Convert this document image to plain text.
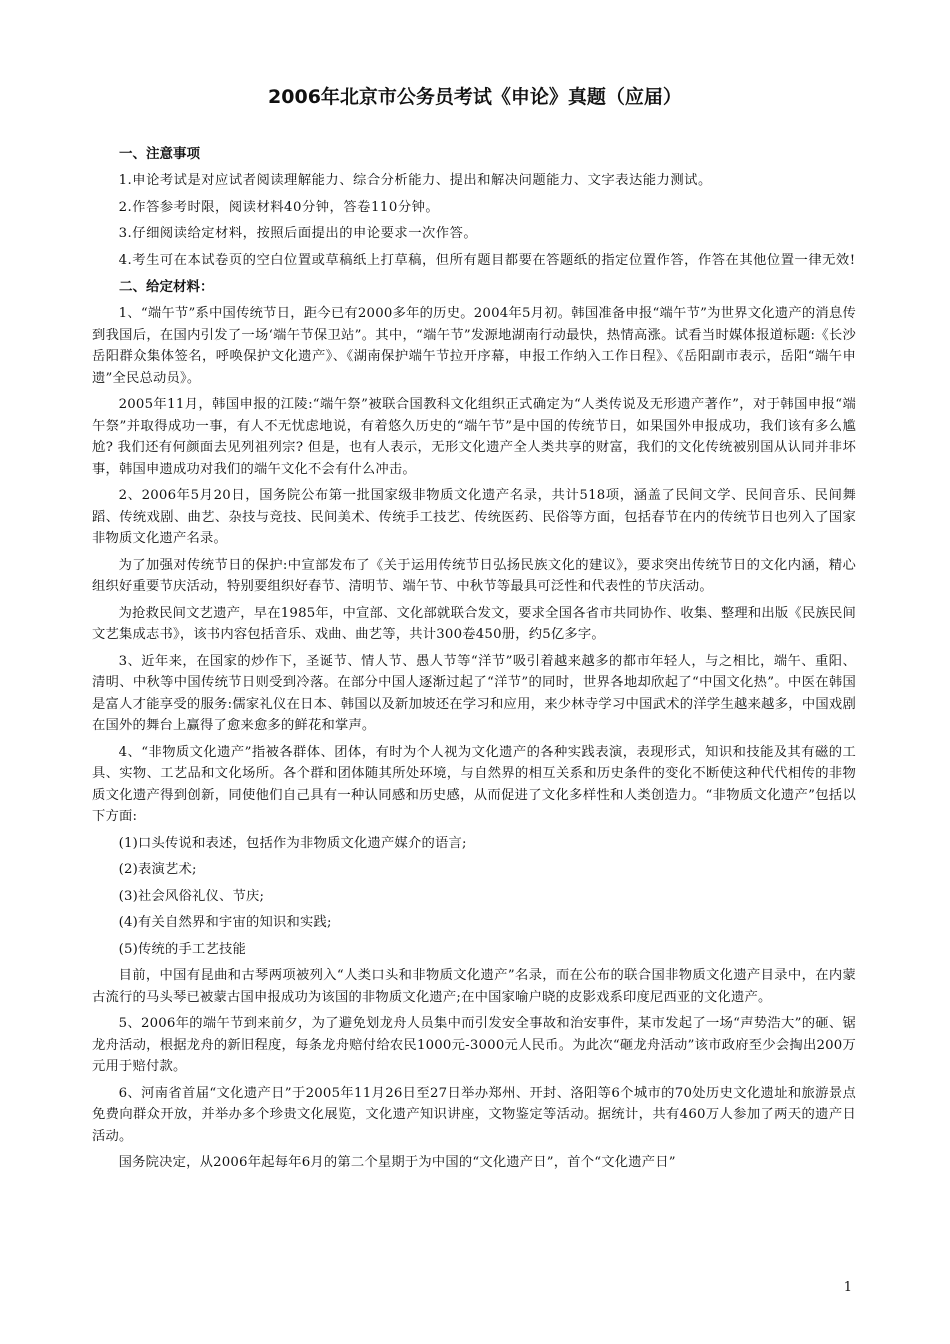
2006年北京市公务员考试《申论》真题（应届）
一、注意事项

1.申论考试是对应试者阅读理解能力、综合分析能力、提出和解决问题能力、文字表达能力测试。

2.作答参考时限，阅读材料40分钟，答卷110分钟。

3.仔细阅读给定材料，按照后面提出的申论要求一次作答。

4.考生可在本试卷页的空白位置或草稿纸上打草稿，但所有题目都要在答题纸的指定位置作答，作答在其他位置一律无效!

二、给定材料：

1、“端午节”系中国传统节日，距今已有2000多年的历史。2004年5月初。韩国准备申报“端午节”为世界文化遗产的消息传到我国后，在国内引发了一场‘端午节保卫站”。其中，“端午节”发源地湖南行动最快，热情高涨。试看当时媒体报道标题:《长沙岳阳群众集体签名，呼唤保护文化遗产》、《湖南保护端午节拉开序幕，申报工作纳入工作日程》、《岳阳副市表示，岳阳“端午申遗”全民总动员》。

2005年11月，韩国申报的江陵:“端午祭”被联合国教科文化组织正式确定为“人类传说及无形遗产著作”，对于韩国申报“端午祭”并取得成功一事，有人不无忧虑地说，有着悠久历史的“端午节”是中国的传统节日，如果国外申报成功，我们该有多么尴尬? 我们还有何颜面去见列祖列宗? 但是，也有人表示，无形文化遗产全人类共享的财富，我们的文化传统被别国从认同并非坏事，韩国申遗成功对我们的端午文化不会有什么冲击。

2、2006年5月20日，国务院公布第一批国家级非物质文化遗产名录，共计518项，涵盖了民间文学、民间音乐、民间舞蹈、传统戏剧、曲艺、杂技与竞技、民间美术、传统手工技艺、传统医药、民俗等方面，包括春节在内的传统节日也列入了国家非物质文化遗产名录。

为了加强对传统节日的保护:中宣部发布了《关于运用传统节日弘扬民族文化的建议》，要求突出传统节日的文化内涵，精心组织好重要节庆活动，特别要组织好春节、清明节、端午节、中秋节等最具可泛性和代表性的节庆活动。

为抢救民间文艺遗产，早在1985年，中宣部、文化部就联合发文，要求全国各省市共同协作、收集、整理和出版《民族民间文艺集成志书》，该书内容包括音乐、戏曲、曲艺等，共计300卷450册，约5亿多字。

3、近年来，在国家的炒作下，圣诞节、情人节、愚人节等“洋节”吸引着越来越多的都市年轻人，与之相比，端午、重阳、清明、中秋等中国传统节日则受到冷落。在部分中国人逐渐过起了“洋节”的同时，世界各地却欣起了“中国文化热”。中医在韩国是富人才能享受的服务:儒家礼仪在日本、韩国以及新加坡还在学习和应用，来少林寺学习中国武术的洋学生越来越多，中国戏剧在国外的舞台上赢得了愈来愈多的鲜花和掌声。

4、“非物质文化遗产”指被各群体、团体，有时为个人视为文化遗产的各种实践表演，表现形式，知识和技能及其有磁的工具、实物、工艺品和文化场所。各个群和团体随其所处环境，与自然界的相互关系和历史条件的变化不断使这种代代相传的非物质文化遗产得到创新，同使他们自己具有一种认同感和历史感，从而促进了文化多样性和人类创造力。“非物质文化遗产”包括以下方面:

(1)口头传说和表述，包括作为非物质文化遗产媒介的语言;

(2)表演艺术;

(3)社会风俗礼仪、节庆;

(4)有关自然界和宇宙的知识和实践;

(5)传统的手工艺技能

目前，中国有昆曲和古琴两项被列入“人类口头和非物质文化遗产”名录，而在公布的联合国非物质文化遗产目录中，在内蒙古流行的马头琴已被蒙古国申报成功为该国的非物质文化遗产;在中国家喻户晓的皮影戏系印度尼西亚的文化遗产。

5、2006年的端午节到来前夕，为了避免划龙舟人员集中而引发安全事故和治安事件，某市发起了一场“声势浩大”的砸、锯龙舟活动，根据龙舟的新旧程度，每条龙舟赔付给农民1000元-3000元人民币。为此次“砸龙舟活动”该市政府至少会掏出200万元用于赔付款。

6、河南省首届“文化遗产日”于2005年11月26日至27日举办郑州、开封、洛阳等6个城市的70处历史文化遗址和旅游景点免费向群众开放，并举办多个珍贵文化展览，文化遗产知识讲座，文物鉴定等活动。据统计，共有460万人参加了两天的遗产日活动。

国务院决定，从2006年起每年6月的第二个星期于为中国的“文化遗产日”，首个“文化遗产日”

1
